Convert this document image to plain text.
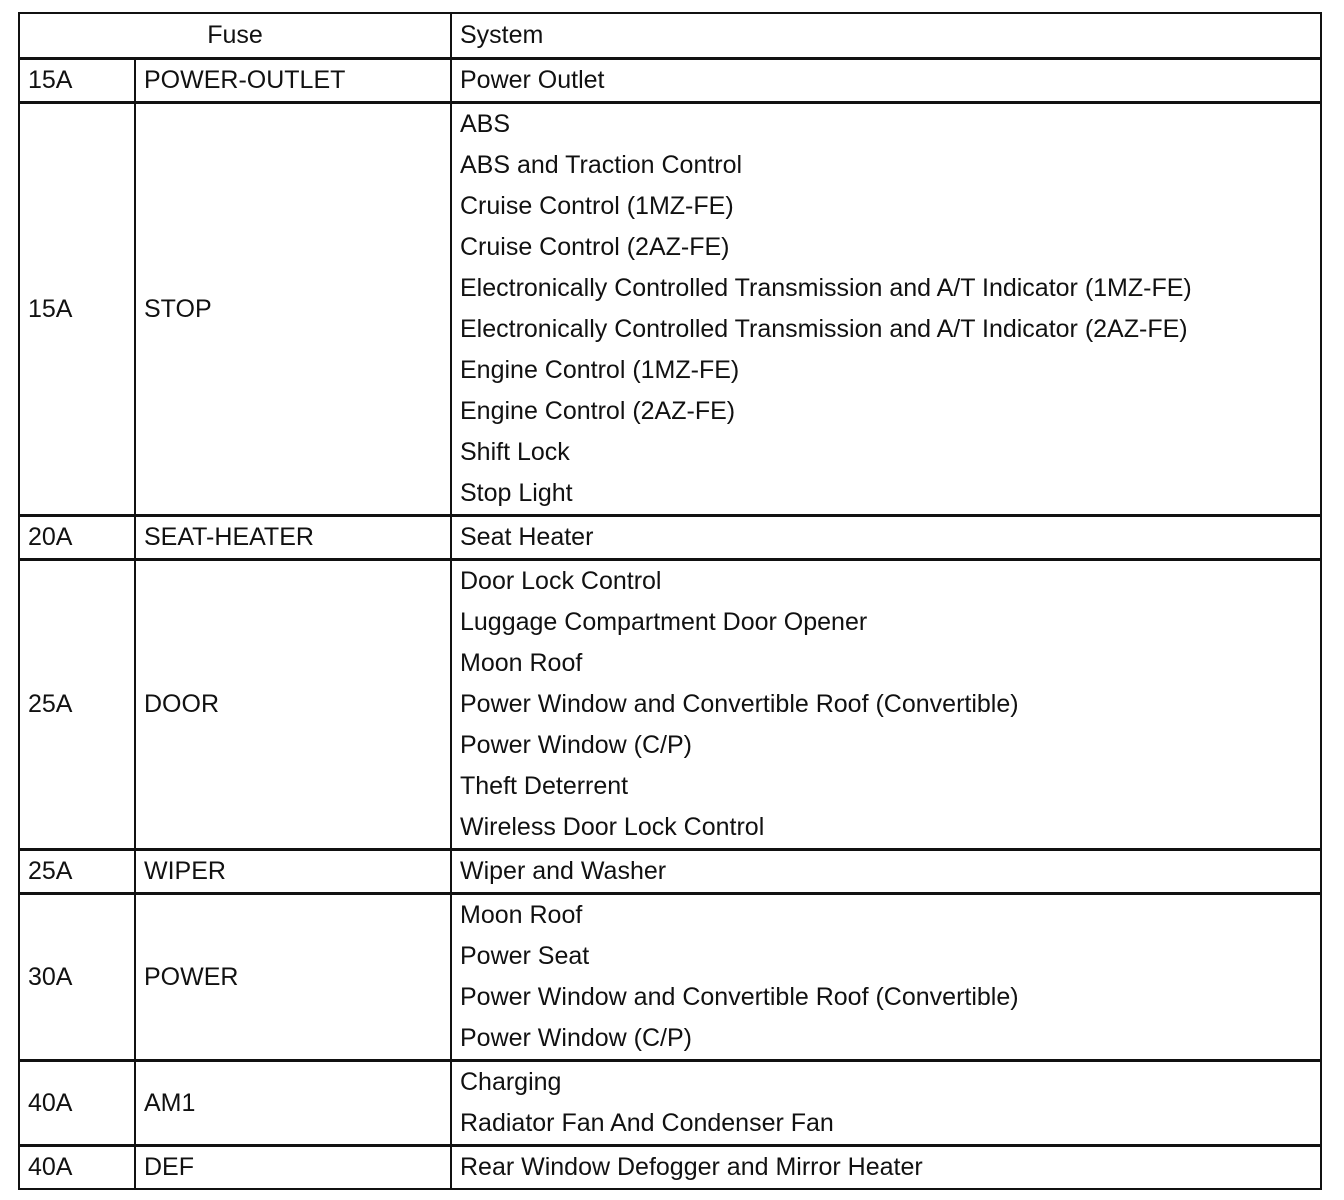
Fuse		System
15A	POWER-OUTLET	Power Outlet
15A	STOP	ABS
		ABS and Traction Control
		Cruise Control (1MZ-FE)
		Cruise Control (2AZ-FE)
		Electronically Controlled Transmission and A/T Indicator (1MZ-FE)
		Electronically Controlled Transmission and A/T Indicator (2AZ-FE)
		Engine Control (1MZ-FE)
		Engine Control (2AZ-FE)
		Shift Lock
		Stop Light
20A	SEAT-HEATER	Seat Heater
25A	DOOR	Door Lock Control
		Luggage Compartment Door Opener
		Moon Roof
		Power Window and Convertible Roof (Convertible)
		Power Window (C/P)
		Theft Deterrent
		Wireless Door Lock Control
25A	WIPER	Wiper and Washer
30A	POWER	Moon Roof
		Power Seat
		Power Window and Convertible Roof (Convertible)
		Power Window (C/P)
40A	AM1	Charging
		Radiator Fan And Condenser Fan
40A	DEF	Rear Window Defogger and Mirror Heater
